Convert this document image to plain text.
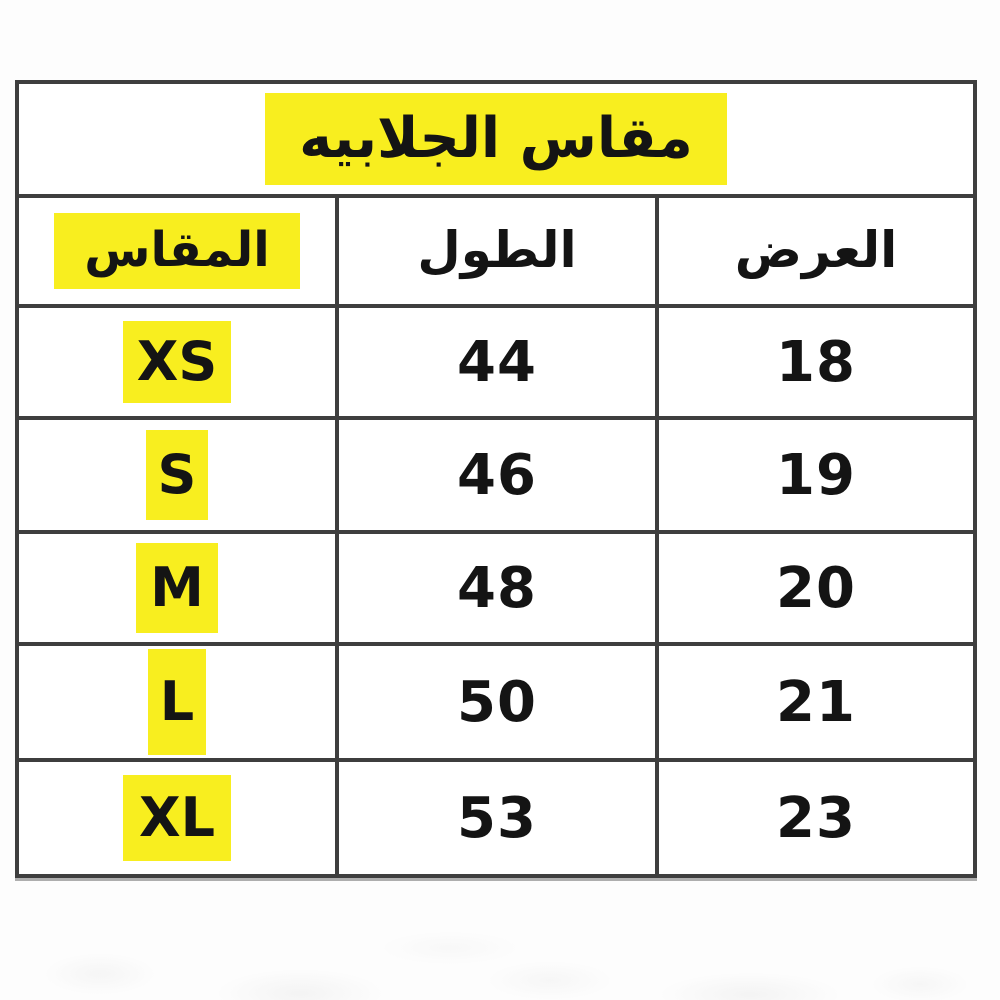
مقاس الجلابيه
المقاس	الطول	العرض
XS	44	18
S	46	19
M	48	20
L	50	21
XL	53	23
